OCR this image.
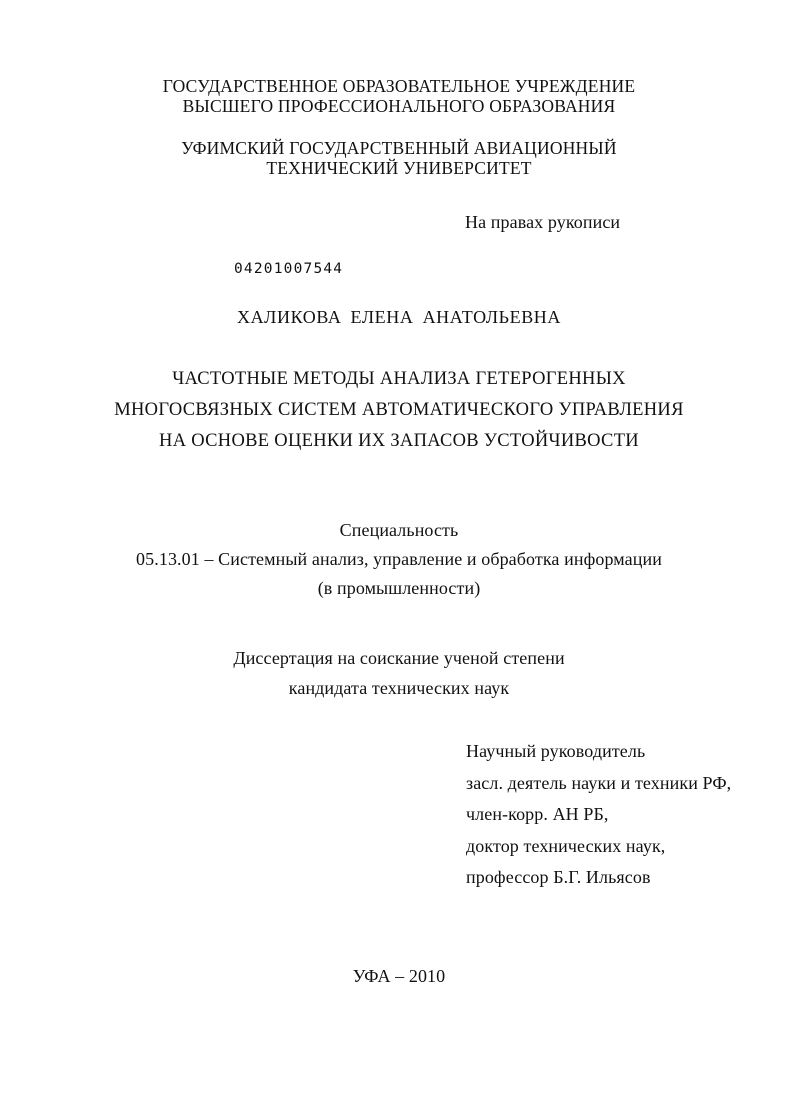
ГОСУДАРСТВЕННОЕ ОБРАЗОВАТЕЛЬНОЕ УЧРЕЖДЕНИЕ
ВЫСШЕГО ПРОФЕССИОНАЛЬНОГО ОБРАЗОВАНИЯ
УФИМСКИЙ ГОСУДАРСТВЕННЫЙ АВИАЦИОННЫЙ
ТЕХНИЧЕСКИЙ УНИВЕРСИТЕТ
На правах рукописи
04201007544
ХАЛИКОВА ЕЛЕНА АНАТОЛЬЕВНА
ЧАСТОТНЫЕ МЕТОДЫ АНАЛИЗА ГЕТЕРОГЕННЫХ
МНОГОСВЯЗНЫХ СИСТЕМ АВТОМАТИЧЕСКОГО УПРАВЛЕНИЯ
НА ОСНОВЕ ОЦЕНКИ ИХ ЗАПАСОВ УСТОЙЧИВОСТИ
Специальность
05.13.01 – Системный анализ, управление и обработка информации
(в промышленности)
Диссертация на соискание ученой степени
кандидата технических наук
Научный руководитель
засл. деятель науки и техники РФ,
член-корр. АН РБ,
доктор технических наук,
профессор Б.Г. Ильясов
УФА – 2010
